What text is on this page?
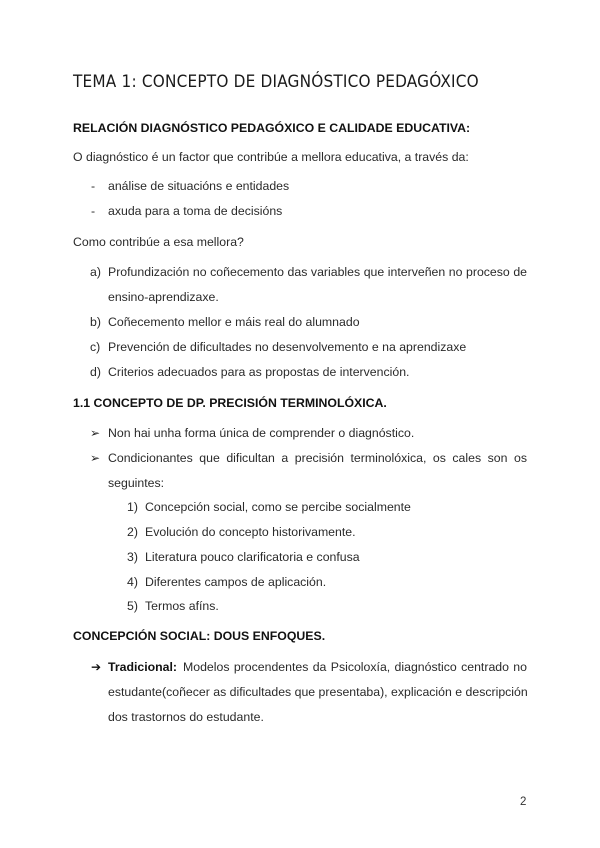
TEMA 1: CONCEPTO DE DIAGNÓSTICO PEDAGÓXICO
RELACIÓN DIAGNÓSTICO PEDAGÓXICO E CALIDADE EDUCATIVA:
O diagnóstico é un factor que contribúe a mellora educativa, a través da:
- análise de situacións e entidades
- axuda para a toma de decisións
Como contribúe a esa mellora?
a) Profundización no coñecemento das variables que interveñen no proceso de
ensino-aprendizaxe.
b) Coñecemento mellor e máis real do alumnado
c) Prevención de dificultades no desenvolvemento e na aprendizaxe
d) Criterios adecuados para as propostas de intervención.
1.1 CONCEPTO DE DP. PRECISIÓN TERMINOLÓXICA.
➢ Non hai unha forma única de comprender o diagnóstico.
➢ Condicionantes que dificultan a precisión terminolóxica, os cales son os
seguintes:
1) Concepción social, como se percibe socialmente
2) Evolución do concepto historivamente.
3) Literatura pouco clarificatoria e confusa
4) Diferentes campos de aplicación.
5) Termos afíns.
CONCEPCIÓN SOCIAL: DOUS ENFOQUES.
➔ Tradicional: Modelos procendentes da Psicoloxía, diagnóstico centrado no
estudante(coñecer as dificultades que presentaba), explicación e descripción
dos trastornos do estudante.
2
